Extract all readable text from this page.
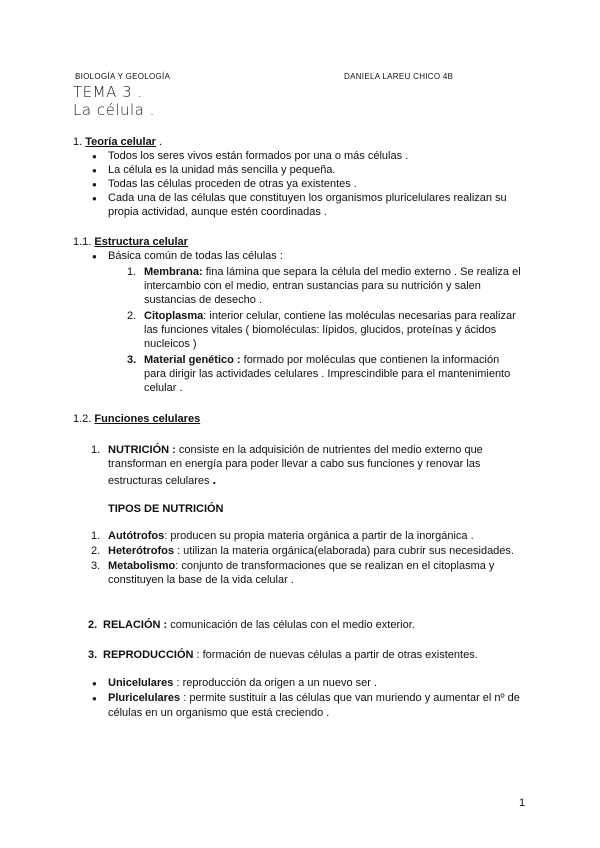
BIOLOGÍA Y GEOLOGÍA	DANIELA LAREU CHICO 4B
TEMA 3 .
La célula .
1. Teoría celular .
● Todos los seres vivos están formados por una o más células .
● La célula es la unidad más sencilla y pequeña.
● Todas las células proceden de otras ya existentes .
● Cada una de las células que constituyen los organismos pluricelulares realizan su
propia actividad, aunque estén coordinadas .
1.1. Estructura celular
● Básica común de todas las células :
1. Membrana: fina lámina que separa la célula del medio externo . Se realiza el
intercambio con el medio, entran sustancias para su nutrición y salen
sustancias de desecho .
2. Citoplasma: interior celular, contiene las moléculas necesarias para realizar
las funciones vitales ( biomoléculas: lípidos, glucidos, proteínas y ácidos
nucleicos )
3. Material genético : formado por moléculas que contienen la información
para dirigir las actividades celulares . Imprescindible para el mantenimiento
celular .
1.2. Funciones celulares
1. NUTRICIÓN : consiste en la adquisición de nutrientes del medio externo que
transforman en energía para poder llevar a cabo sus funciones y renovar las
estructuras celulares .
TIPOS DE NUTRICIÓN
1. Autótrofos: producen su propia materia orgánica a partir de la inorgánica .
2. Heterótrofos : utilizan la materia orgánica(elaborada) para cubrir sus necesidades.
3. Metabolismo: conjunto de transformaciones que se realizan en el citoplasma y
constituyen la base de la vida celular .
2. RELACIÓN : comunicación de las células con el medio exterior.
3. REPRODUCCIÓN : formación de nuevas células a partir de otras existentes.
● Unicelulares : reproducción da origen a un nuevo ser .
● Pluricelulares : permite sustituir a las células que van muriendo y aumentar el nº de
células en un organismo que está creciendo .
1
